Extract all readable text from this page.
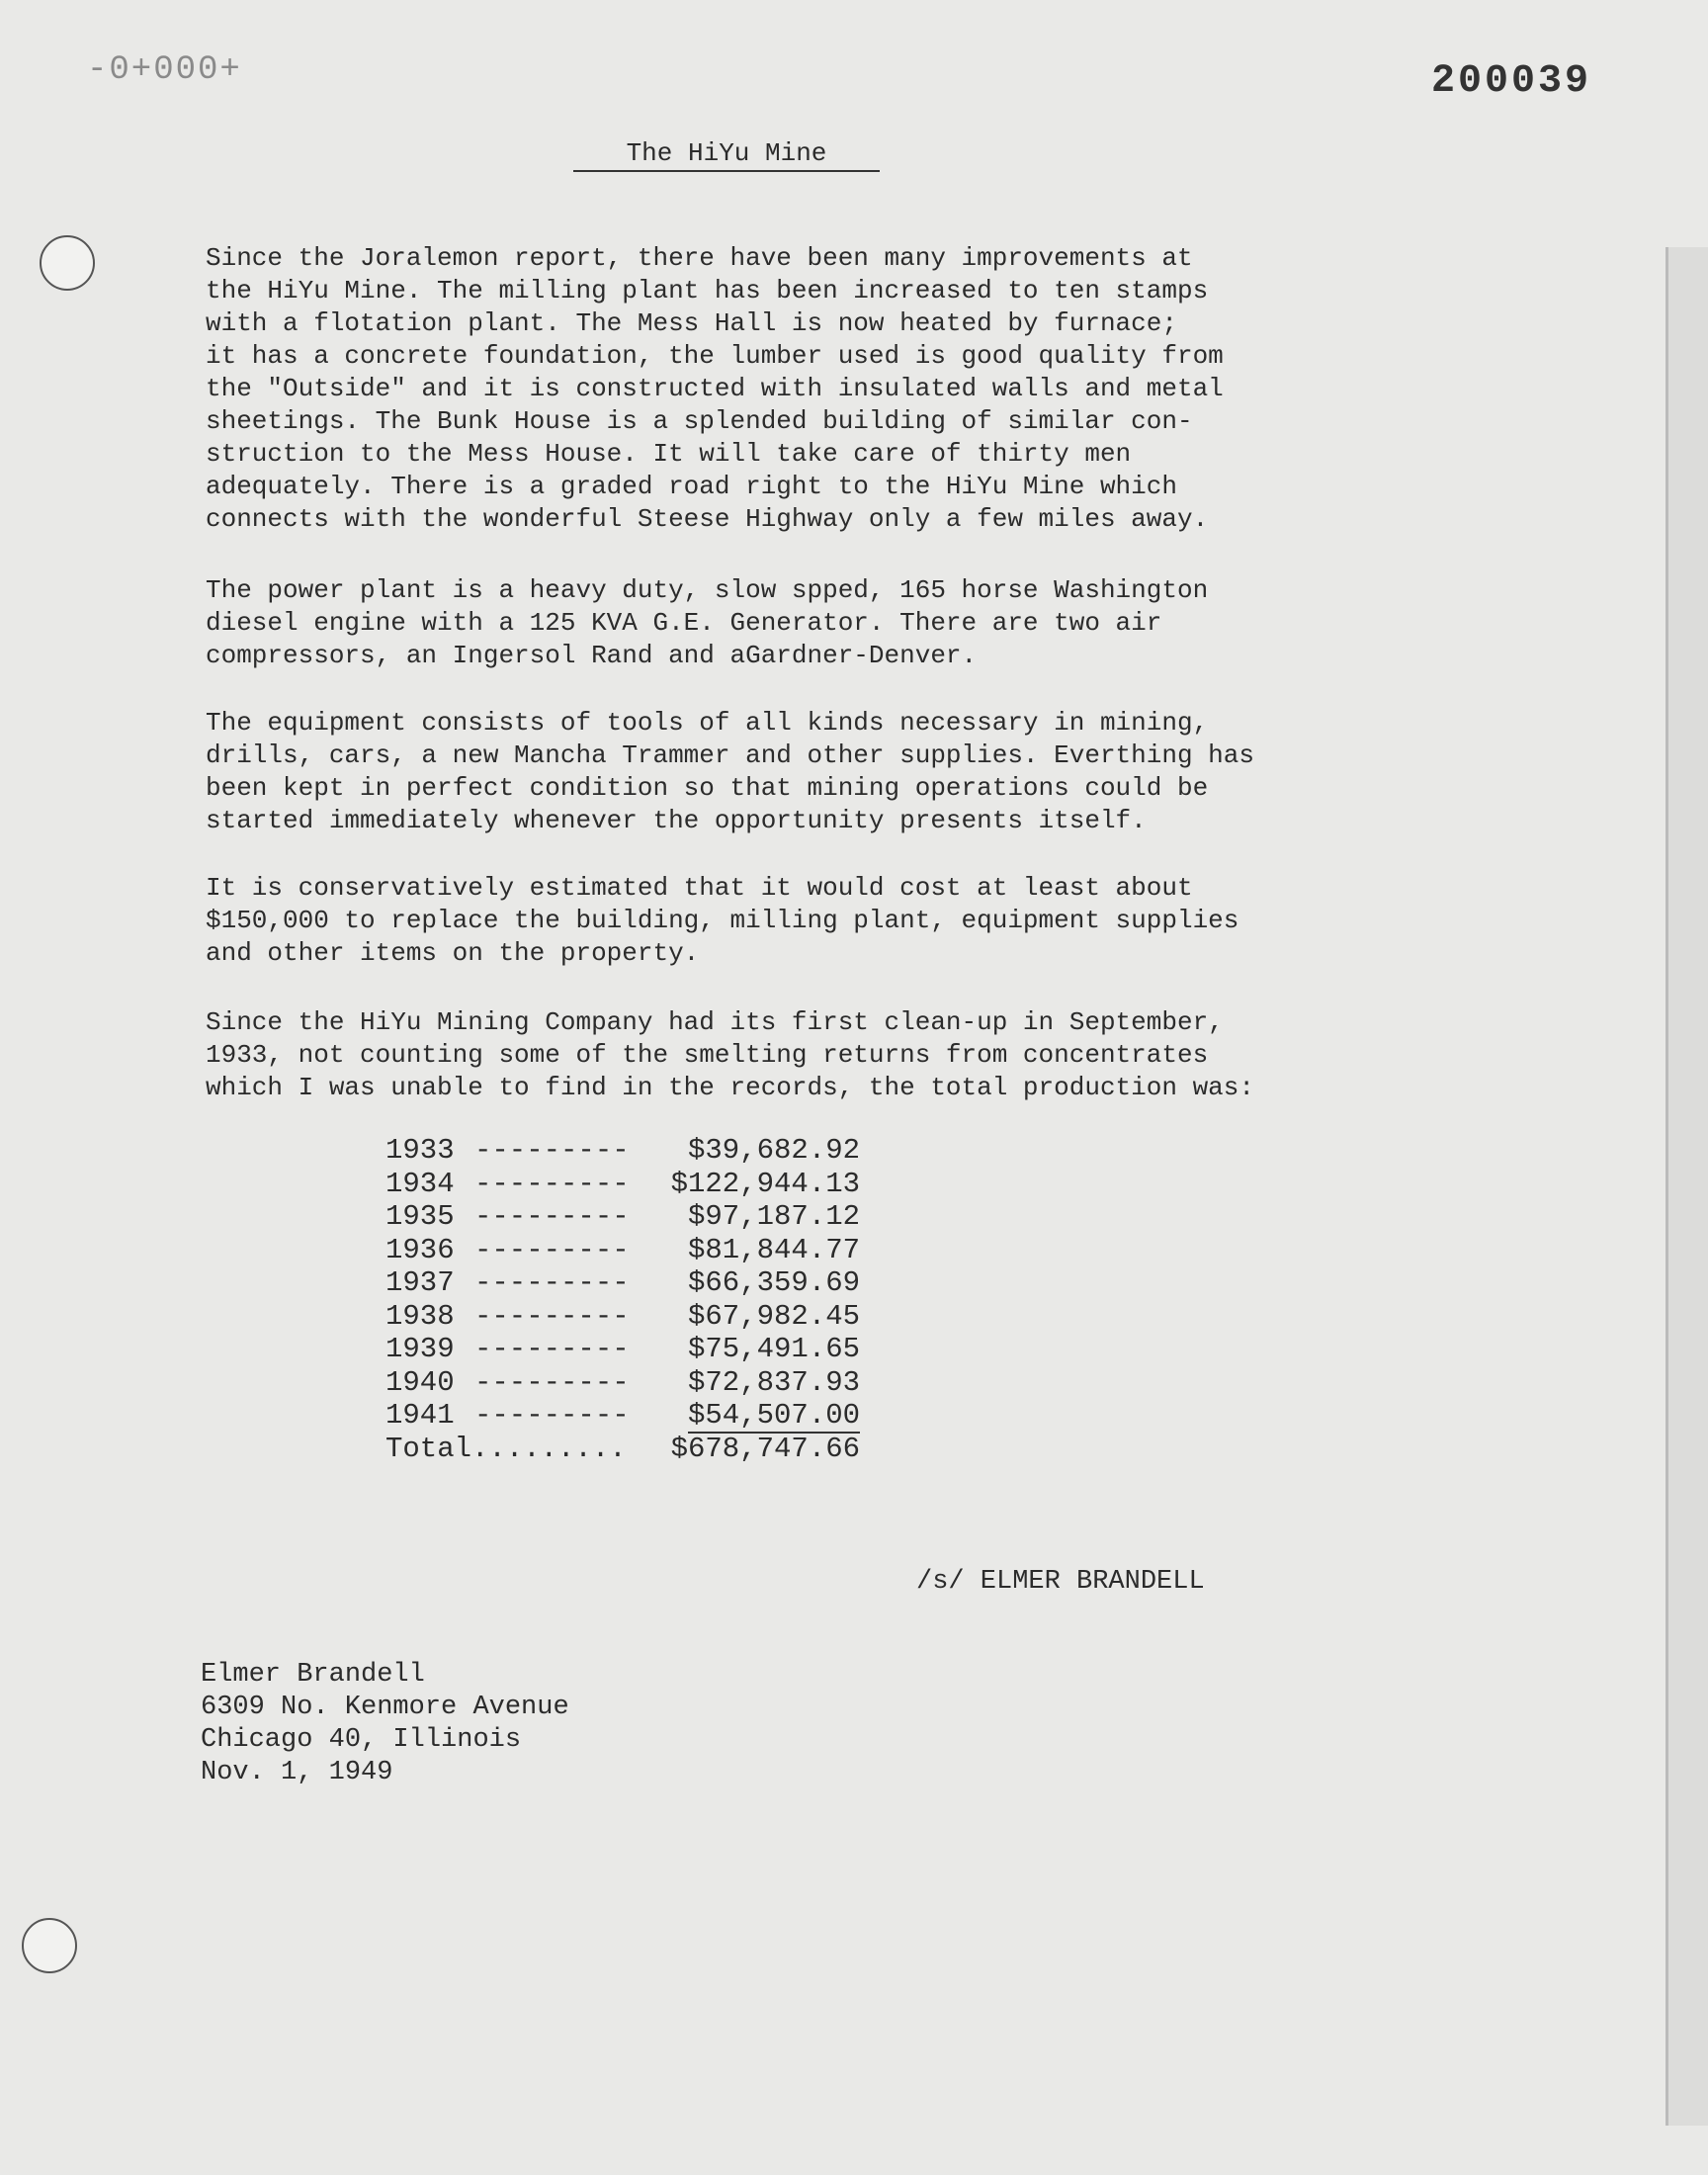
-0+000+	200039
The HiYu Mine

Since the Joralemon report, there have been many improvements at
the HiYu Mine. The milling plant has been increased to ten stamps
with a flotation plant. The Mess Hall is now heated by furnace;
it has a concrete foundation, the lumber used is good quality from
the "Outside" and it is constructed with insulated walls and metal
sheetings. The Bunk House is a splended building of similar con-
struction to the Mess House. It will take care of thirty men
adequately. There is a graded road right to the HiYu Mine which
connects with the wonderful Steese Highway only a few miles away.

The power plant is a heavy duty, slow spped, 165 horse Washington
diesel engine with a 125 KVA G.E. Generator. There are two air
compressors, an Ingersol Rand and aGardner-Denver.

The equipment consists of tools of all kinds necessary in mining,
drills, cars, a new Mancha Trammer and other supplies. Everthing has
been kept in perfect condition so that mining operations could be
started immediately whenever the opportunity presents itself.

It is conservatively estimated that it would cost at least about
$150,000 to replace the building, milling plant, equipment supplies
and other items on the property.

Since the HiYu Mining Company had its first clean-up in September,
1933, not counting some of the smelting returns from concentrates
which I was unable to find in the records, the total production was:

1933 ---------	$39,682.92
1934 ---------	$122,944.13
1935 ---------	$97,187.12
1936 ---------	$81,844.77
1937 ---------	$66,359.69
1938 ---------	$67,982.45
1939 ---------	$75,491.65
1940 ---------	$72,837.93
1941 ---------	$54,507.00
Total.........	$678,747.66
/s/ ELMER BRANDELL
Elmer Brandell
6309 No. Kenmore Avenue
Chicago 40, Illinois
Nov. 1, 1949
